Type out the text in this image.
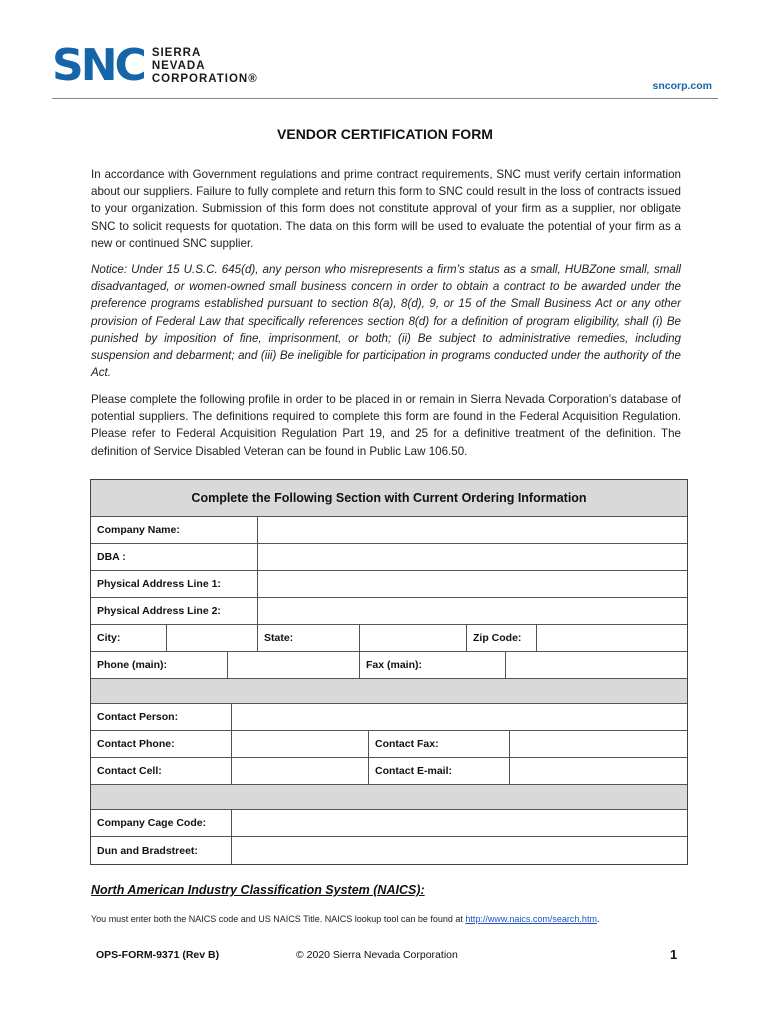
SNC SIERRA
NEVADA
CORPORATION®
sncorp.com
VENDOR CERTIFICATION FORM

In accordance with Government regulations and prime contract requirements, SNC must verify certain information about our suppliers. Failure to fully complete and return this form to SNC could result in the loss of contracts issued to your organization. Submission of this form does not constitute approval of your firm as a supplier, nor obligate SNC to solicit requests for quotation. The data on this form will be used to evaluate the potential of your firm as a new or continued SNC supplier.

Notice: Under 15 U.S.C. 645(d), any person who misrepresents a firm’s status as a small, HUBZone small, small disadvantaged, or women-owned small business concern in order to obtain a contract to be awarded under the preference programs established pursuant to section 8(a), 8(d), 9, or 15 of the Small Business Act or any other provision of Federal Law that specifically references section 8(d) for a definition of program eligibility, shall (i) Be punished by imposition of fine, imprisonment, or both; (ii) Be subject to administrative remedies, including suspension and debarment; and (iii) Be ineligible for participation in programs conducted under the authority of the Act.

Please complete the following profile in order to be placed in or remain in Sierra Nevada Corporation’s database of potential suppliers. The definitions required to complete this form are found in the Federal Acquisition Regulation. Please refer to Federal Acquisition Regulation Part 19, and 25 for a definitive treatment of the definition. The definition of Service Disabled Veteran can be found in Public Law 106.50.

Complete the Following Section with Current Ordering Information
Company Name:
DBA :
Physical Address Line 1:
Physical Address Line 2:
City:	State:	Zip Code:
Phone (main):	Fax (main):
Contact Person:
Contact Phone:	Contact Fax:
Contact Cell:	Contact E-mail:
Company Cage Code:
Dun and Bradstreet:
North American Industry Classification System (NAICS):
You must enter both the NAICS code and US NAICS Title. NAICS lookup tool can be found at http://www.naics.com/search.htm.
OPS-FORM-9371 (Rev B)	© 2020 Sierra Nevada Corporation	1
